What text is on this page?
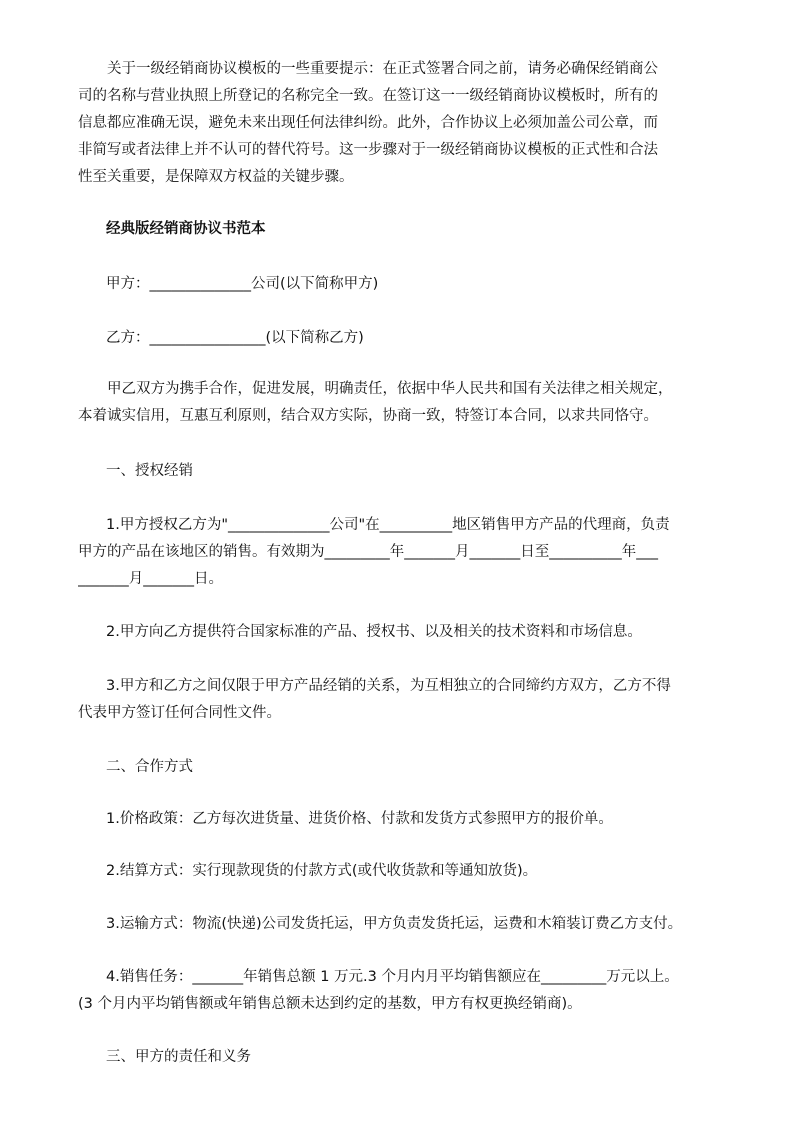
　　关于一级经销商协议模板的一些重要提示：在正式签署合同之前，请务必确保经销商公
司的名称与营业执照上所登记的名称完全一致。在签订这一一级经销商协议模板时，所有的
信息都应准确无误，避免未来出现任何法律纠纷。此外，合作协议上必须加盖公司公章，而
非简写或者法律上并不认可的替代符号。这一步骤对于一级经销商协议模板的正式性和合法
性至关重要，是保障双方权益的关键步骤。
经典版经销商协议书范本
甲方：______________公司(以下简称甲方)
乙方：________________(以下简称乙方)
　　甲乙双方为携手合作，促进发展，明确责任，依据中华人民共和国有关法律之相关规定，
本着诚实信用，互惠互利原则，结合双方实际，协商一致，特签订本合同，以求共同恪守。
一、授权经销
1.甲方授权乙方为"______________公司"在__________地区销售甲方产品的代理商，负责
甲方的产品在该地区的销售。有效期为_________年_______月_______日至__________年___
_______月_______日。
2.甲方向乙方提供符合国家标准的产品、授权书、以及相关的技术资料和市场信息。
3.甲方和乙方之间仅限于甲方产品经销的关系，为互相独立的合同缔约方双方，乙方不得
代表甲方签订任何合同性文件。
二、合作方式
1.价格政策：乙方每次进货量、进货价格、付款和发货方式参照甲方的报价单。
2.结算方式：实行现款现货的付款方式(或代收货款和等通知放货)。
3.运输方式：物流(快递)公司发货托运，甲方负责发货托运，运费和木箱装订费乙方支付。
4.销售任务：_______年销售总额 1 万元.3 个月内月平均销售额应在_________万元以上。
(3 个月内平均销售额或年销售总额未达到约定的基数，甲方有权更换经销商)。
三、甲方的责任和义务
